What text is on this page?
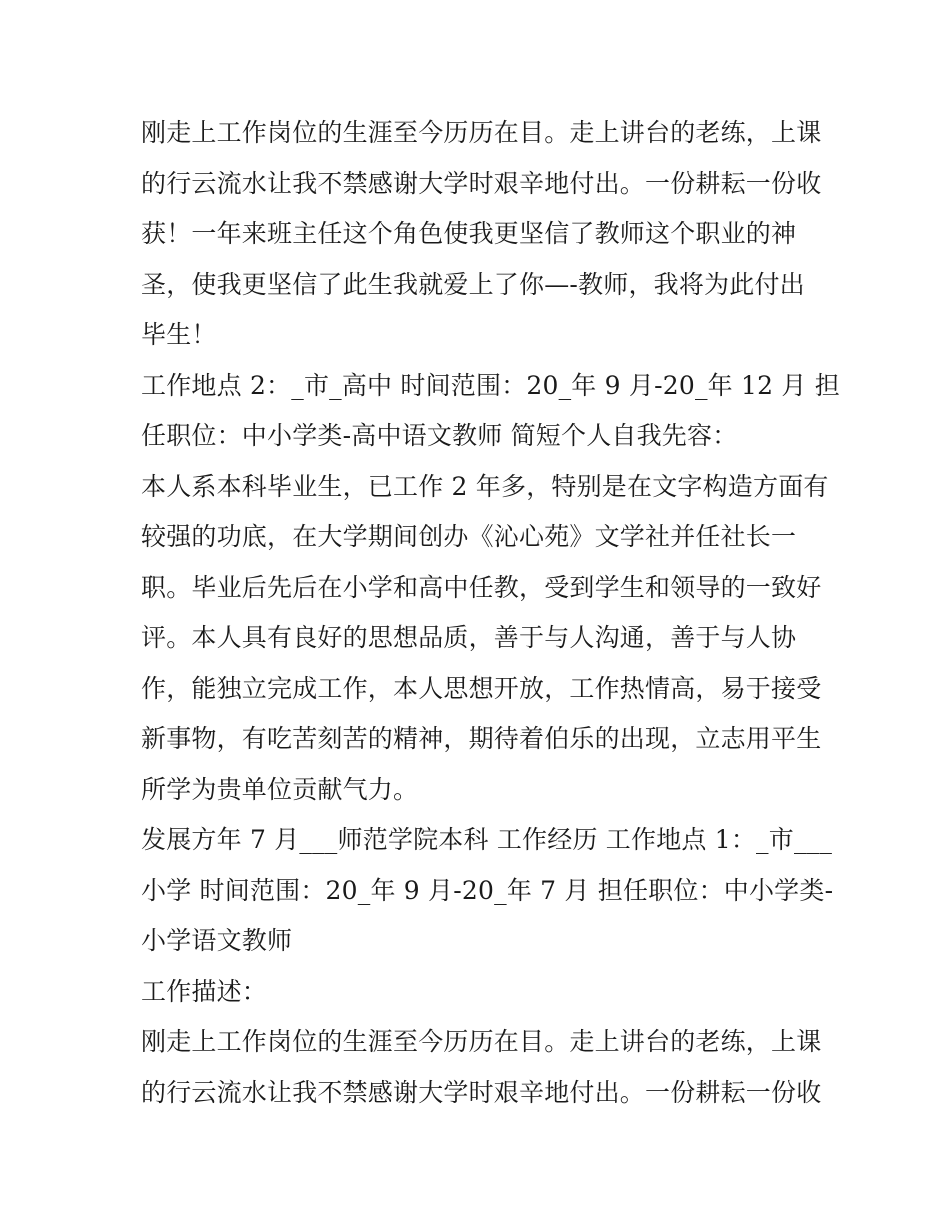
刚走上工作岗位的生涯至今历历在目。走上讲台的老练，上课
的行云流水让我不禁感谢大学时艰辛地付出。一份耕耘一份收
获！一年来班主任这个角色使我更坚信了教师这个职业的神
圣，使我更坚信了此生我就爱上了你—-教师，我将为此付出
毕生！
工作地点 2：_市_高中 时间范围：20_年 9 月-20_年 12 月 担
任职位：中小学类-高中语文教师 简短个人自我先容：
本人系本科毕业生，已工作 2 年多，特别是在文字构造方面有
较强的功底，在大学期间创办《沁心苑》文学社并任社长一
职。毕业后先后在小学和高中任教，受到学生和领导的一致好
评。本人具有良好的思想品质，善于与人沟通，善于与人协
作，能独立完成工作，本人思想开放，工作热情高，易于接受
新事物，有吃苦刻苦的精神，期待着伯乐的出现，立志用平生
所学为贵单位贡献气力。
发展方年 7 月___师范学院本科 工作经历 工作地点 1：_市___
小学 时间范围：20_年 9 月-20_年 7 月 担任职位：中小学类-
小学语文教师
工作描述：
刚走上工作岗位的生涯至今历历在目。走上讲台的老练，上课
的行云流水让我不禁感谢大学时艰辛地付出。一份耕耘一份收
